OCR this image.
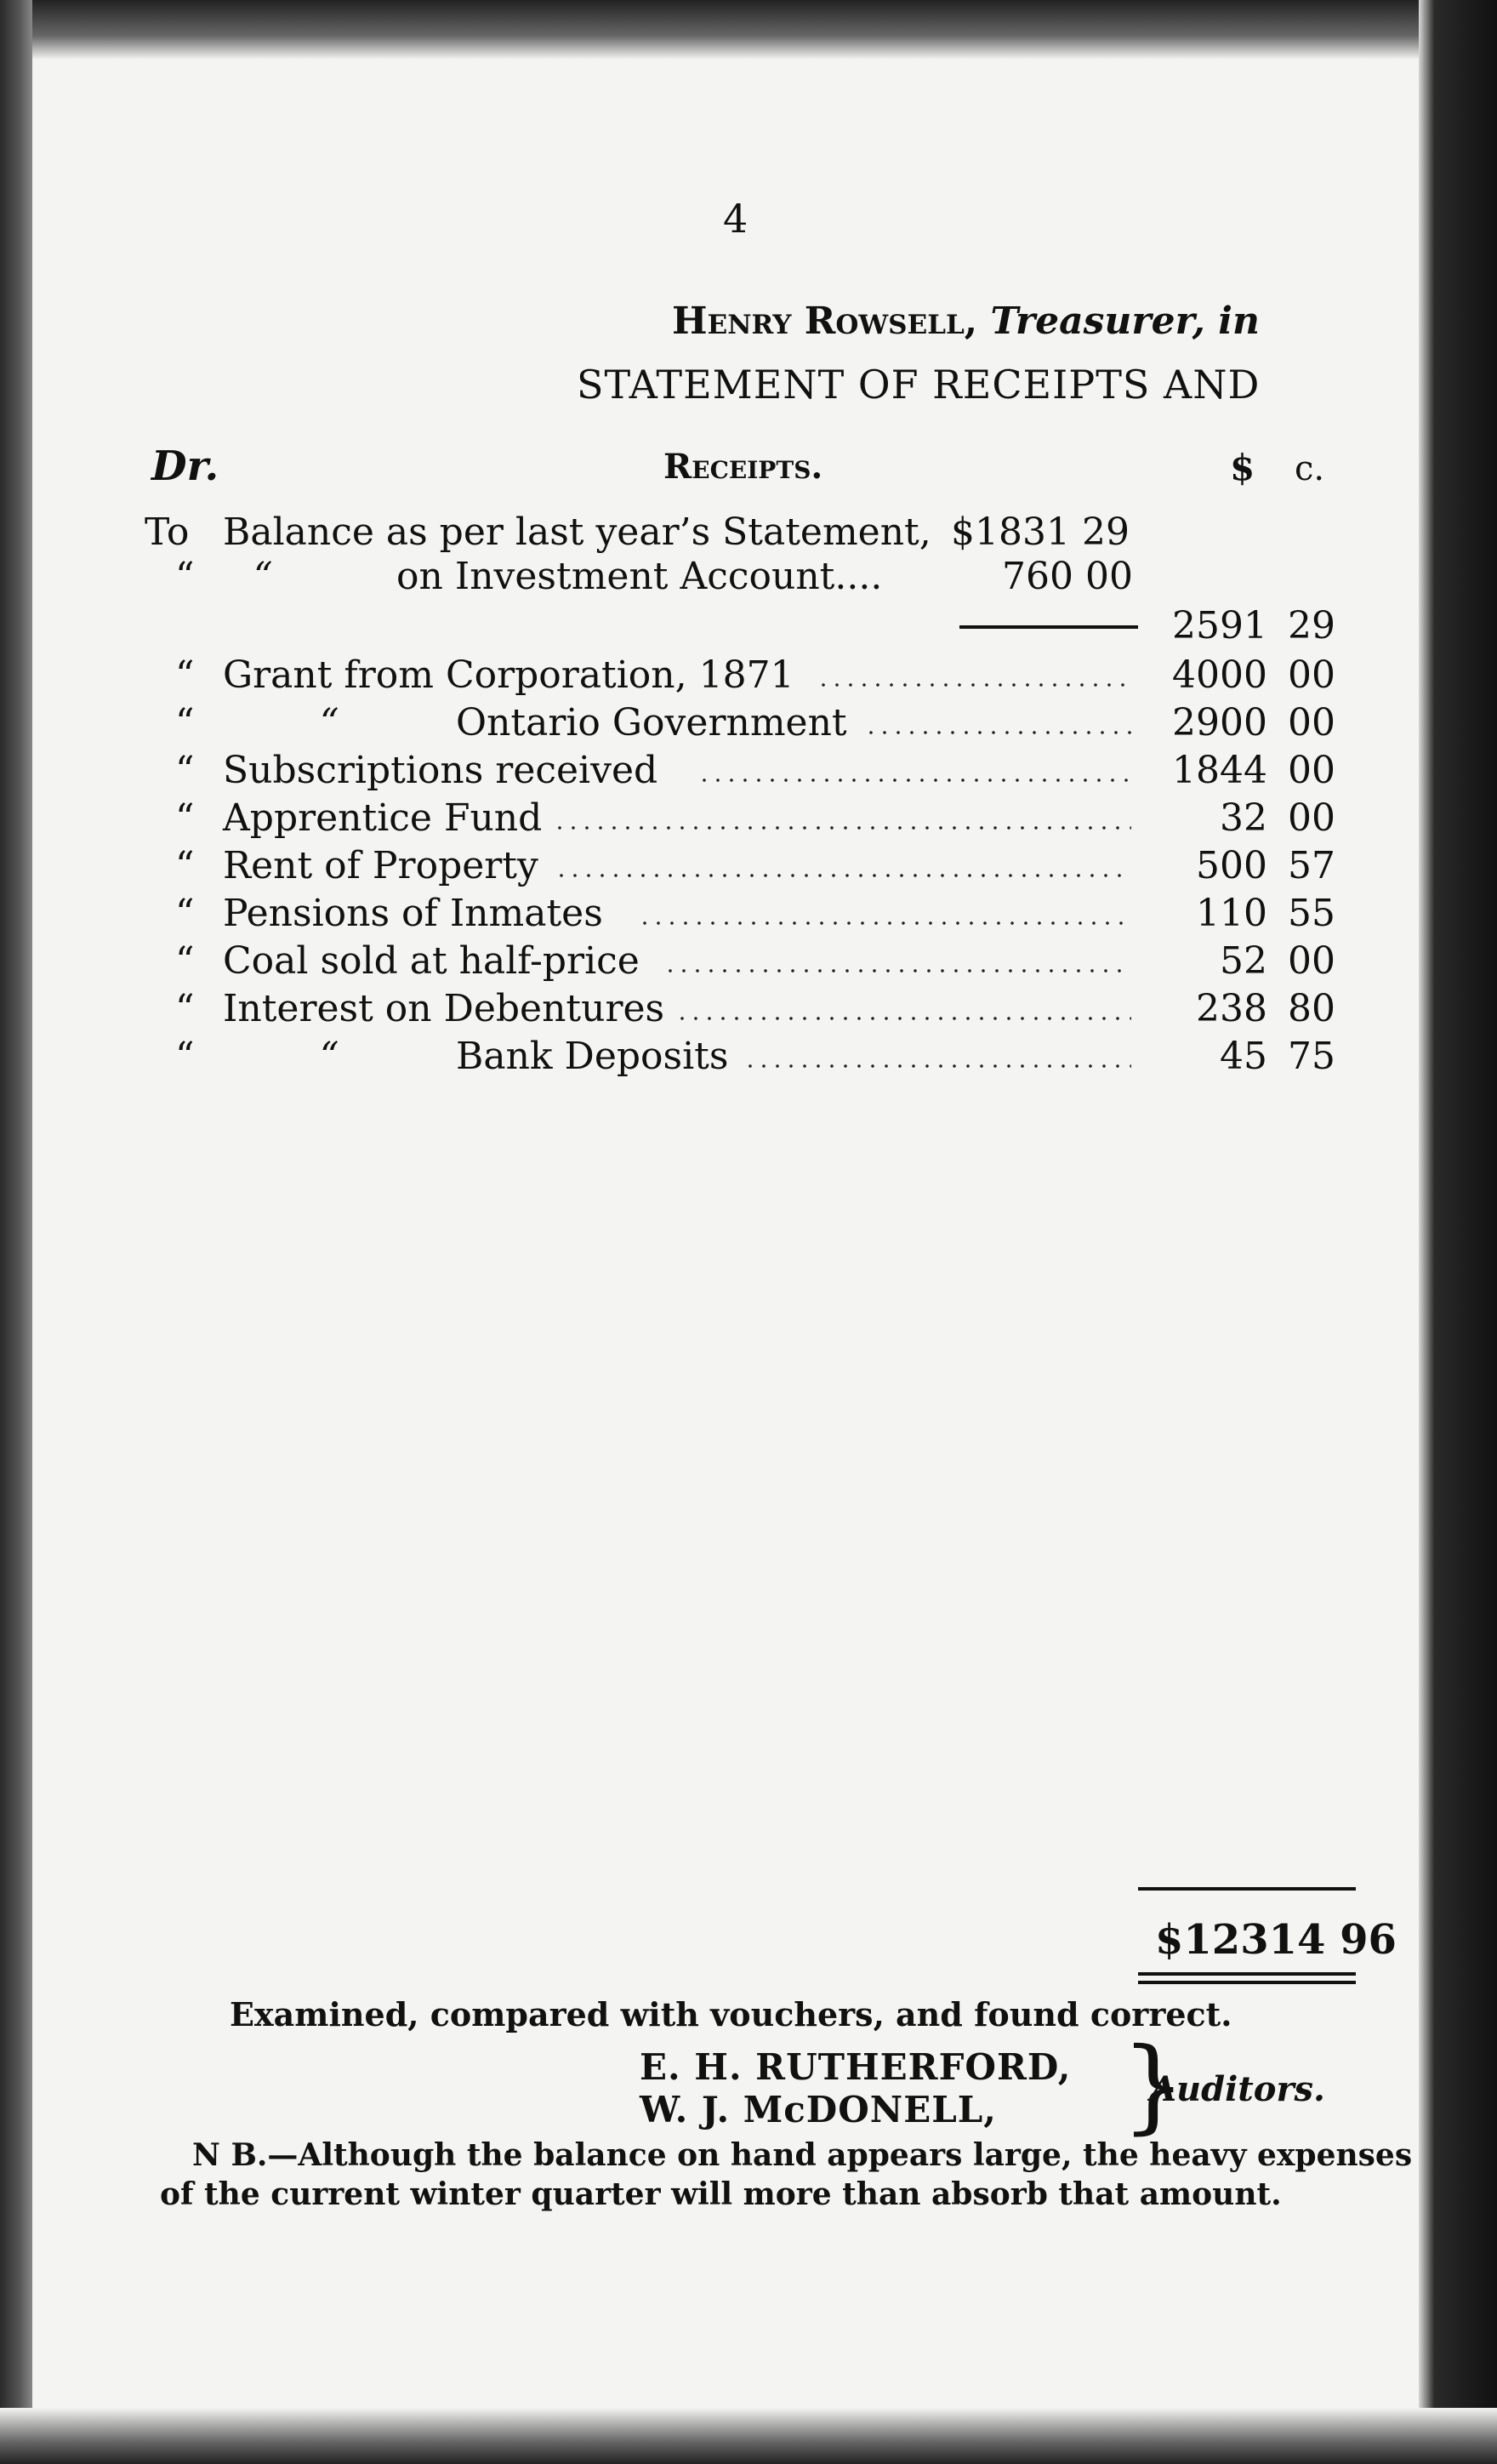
4
Henry Rowsell, Treasurer, in
STATEMENT OF RECEIPTS AND
Dr.	Receipts.	$ c.
To Balance as per last year’s Statement, $1831 29
“ “	on Investment Account....	760 00
2591 29
“ Grant from Corporation, 1871	4000 00
“	“	Ontario Government	2900 00
“ Subscriptions received	1844 00
“ Apprentice Fund	32 00
“ Rent of Property	500 57
“ Pensions of Inmates	110 55
“ Coal sold at half-price	52 00
“ Interest on Debentures	238 80
“	“	Bank Deposits	45 75
$12314 96
Examined, compared with vouchers, and found correct.
E. H. RUTHERFORD,
W. J. McDONELL, }
Auditors.
N B.—Although the balance on hand appears large, the heavy expenses
of the current winter quarter will more than absorb that amount.
